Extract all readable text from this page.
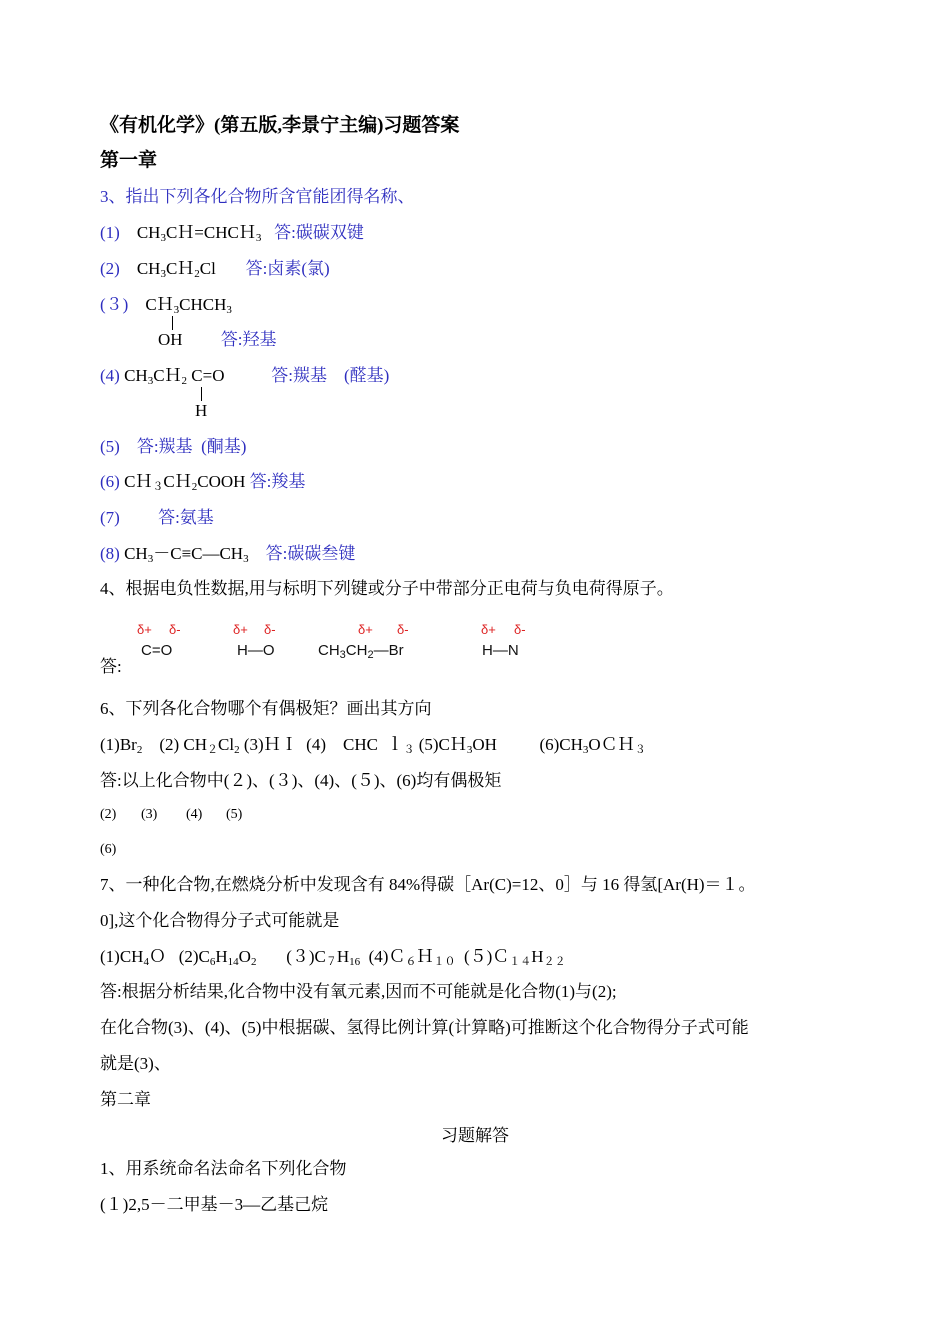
《有机化学》(第五版,李景宁主编)习题答案
第一章
3、指出下列各化合物所含官能团得名称、
(1) $CH_3CH=CHCH_3$ 答:碳碳双键
(2) $CH_3CH_2Cl$ 答:卤素(氯)
(３) $CH_3CHCH_3$
OH 答:羟基
(4) $CH_3CH_2$ C=O	答:羰基 (醛基)
H
(5) 答:羰基 (酮基)
(6) CＨ$_3$CＨ$_2$COOH 答:羧基
(7) 答:氨基
(8) $CH_3-C\equiv C—CH_3$ 答:碳碳叁键
4、根据电负性数据,用与标明下列键或分子中带部分正电荷与负电荷得原子。
答:
δ+ δ-
C=O
δ+ δ-
H—O
δ+ δ-
$CH_3CH_2—Br$
δ+ δ-
H—N
6、下列各化合物哪个有偶极矩？画出其方向
$(1)Br_2$ (2) $CH_2Cl_2$ (3)ＨＩ (4) CHC ｌ$_3$ (5)CＨ$_3$OH	$(6)CH_3OCH_3$
答:以上化合物中(２)、(３)、(4)、(５)、(6)均有偶极矩
(2) (3) (4) (5)
(6)
7、一种化合物,在燃烧分析中发现含有 84%得碳［Ar(C)=12、0］与 16 得氢[Ar(H)＝１。
0],这个化合物得分子式可能就是
$(1)CH_4O$ $(2)C_6H_{14}O_2$ $(3)C_7H_{16}$ (4)Ｃ$_6$Ｈ$_{10}$ $(5)C_{14}H_{22}$
答:根据分析结果,化合物中没有氧元素,因而不可能就是化合物(1)与(2);
在化合物(3)、(4)、(5)中根据碳、氢得比例计算(计算略)可推断这个化合物得分子式可能
就是(3)、
第二章
习题解答
1、用系统命名法命名下列化合物
(１)2,5－二甲基－3—乙基己烷
